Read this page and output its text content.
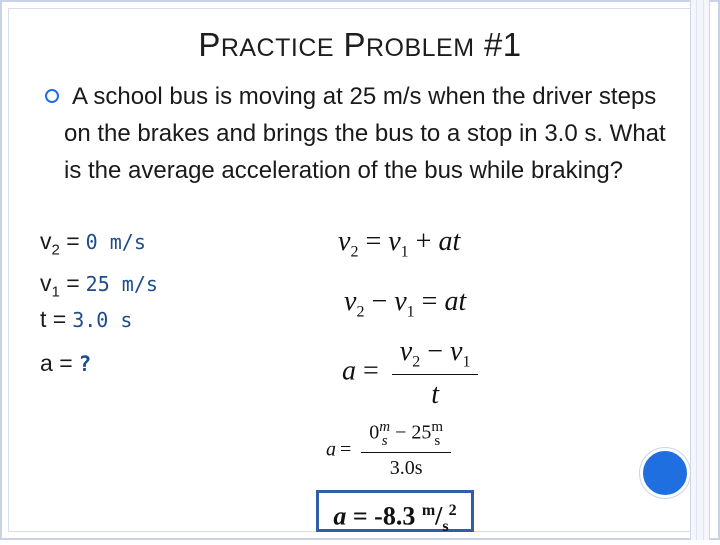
PRACTICE PROBLEM #1

A school bus is moving at 25 m/s when the driver steps on the brakes and brings the bus to a stop in 3.0 s. What is the average acceleration of the bus while braking?

$v_2 = 0$ m/s
$v_1 = 25$ m/s
t = 3.0 s
a = ?
$v_2 = v_1$ + at
$v_2 - v_1$ = at
$a = \frac{v_2 - v_1}{t}$
a = 0 m
s − 25 m
s
3.0s
a = -8.3 $^m/_s^2$
